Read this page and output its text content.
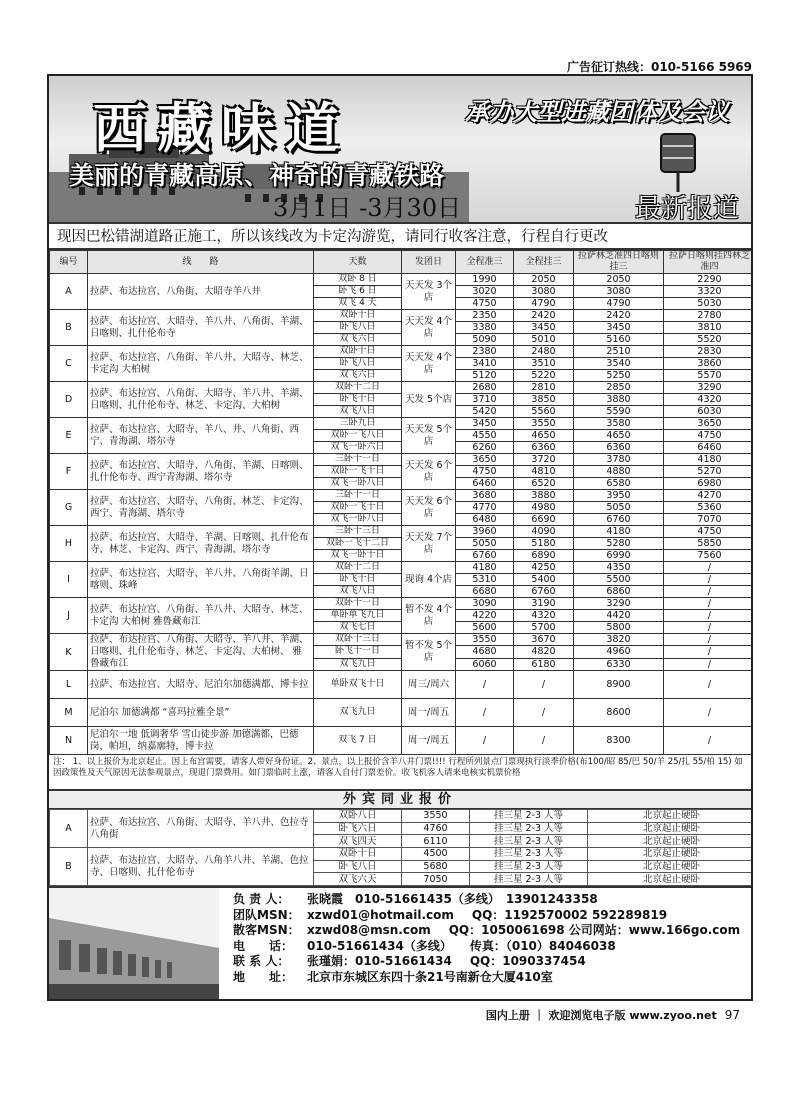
广告征订热线：010-5166 5969
西藏味道	承办大型进藏团体及会议
美丽的青藏高原、神奇的青藏铁路
3月1日 -3月30日	最新报道
现因巴松错湖道路正施工，所以该线改为卡定沟游览，请同行收客注意，行程自行更改
编号	线　　路	天数	发团日	全程准三	全程挂三	拉萨林芝准四日喀则挂三	拉萨日喀则挂四林芝准四
A	拉萨、布达拉宫、八角街、大昭寺羊八井	双卧 8 日	天天发 3个店	1990	2050	2050	2290
		卧飞 6 日		3020	3080	3080	3320
		双飞 4 天		4750	4790	4790	5030
B	拉萨、布达拉宫、大昭寺、羊八井、八角街、羊湖、日喀则、扎什伦布寺	双卧十日	天天发 4个店	2350	2420	2420	2780
		卧飞八日		3380	3450	3450	3810
		双飞六日		5090	5010	5160	5520
C	拉萨、布达拉宫、八角街、羊八井、大昭寺、林芝、卡定沟 大柏树	双卧十日	天天发 4个店	2380	2480	2510	2830
		卧飞八日		3410	3510	3540	3860
		双飞六日		5120	5220	5250	5570
D	拉萨、布达拉宫、八角街、大昭寺、羊八井、羊湖、日喀则、扎什伦布寺、林芝、卡定沟、大柏树	双卧十二日	天发 5个店	2680	2810	2850	3290
		卧飞十日		3710	3850	3880	4320
		双飞八日		5420	5560	5590	6030
E	拉萨、布达拉宫、大昭寺、羊八、井、八角街、西宁、青海湖、塔尔寺	三卧九日	天天发 5个店	3450	3550	3580	3650
		双卧一飞八日		4550	4650	4650	4750
		双飞一卧六日		6260	6360	6360	6460
F	拉萨、布达拉宫、大昭寺、八角街、羊湖、日喀则、扎什伦布寺、西宁青海湖、塔尔寺	三卧十一日	天天发 6个店	3650	3720	3780	4180
		双卧一飞十日		4750	4810	4880	5270
		双飞一卧八日		6460	6520	6580	6980
G	拉萨、布达拉宫、大昭寺、八角街、林芝、卡定沟、西宁、青海湖、塔尔寺	三卧十一日	天天发 6个店	3680	3880	3950	4270
		双卧一飞十日		4770	4980	5050	5360
		双飞一卧八日		6480	6690	6760	7070
H	拉萨、布达拉宫、大昭寺、羊湖、日喀则、扎什伦布寺、林芝、卡定沟、西宁、青海湖、塔尔寺	三卧十三日	天天发 7个店	3960	4090	4180	4750
		双卧一飞十二日		5050	5180	5280	5850
		双飞一卧十日		6760	6890	6990	7560
I	拉萨、布达拉宫、大昭寺、羊八井、八角街羊湖、日喀则、珠峰	双卧十二日	现询 4个店	4180	4250	4350	/
		卧飞十日		5310	5400	5500	/
		双飞八日		6680	6760	6860	/
J	拉萨、布达拉宫、八角街、羊八井、大昭寺、林芝、卡定沟 大柏树 雅鲁藏布江	双卧十一日	暂不发 4个店	3090	3190	3290	/
		单卧单飞九日		4220	4320	4420	/
		双飞七日		5600	5700	5800	/
K	拉萨、布达拉宫、八角街、大昭寺、羊八井、羊湖、日喀则、扎什伦布寺、林芝、卡定沟、大柏树、 雅鲁藏布江	双卧十三日	暂不发 5个店	3550	3670	3820	/
		卧飞十一日		4680	4820	4960	/
		双飞九日		6060	6180	6330	/
L	拉萨、布达拉宫、大昭寺、尼泊尔加德满都、博卡拉	单卧双飞十日	周三/周六	/	/	8900	/
M	尼泊尔 加德满都 “喜玛拉雅全景”	双飞九日	周一/周五	/	/	8600	/
N	尼泊尔一地 低调奢华 雪山徒步游 加德满都，巴德岗，帕坦，纳嘉廓特，博卡拉	双飞 7 日	周一/周五	/	/	8300	/
注： 1、以上报价为北京起止。因上布宫需要，请客人带好身份证。2、景点，以上报价含羊八井门票!!!! 行程所列景点门票现执行淡季价格(布100/昭 85/巴 50/羊 25/扎 55/柏 15) 如因政策性及天气原因无法参观景点，现退门票费用。如门票临时上涨，请客人自付门票差价。收飞机客人请来电核实机票价格
外宾同业报价
A	拉萨、布达拉宫、八角街、大昭寺、羊八井、色拉寺 八角街	双卧八日	3550	挂三星 2-3 人等	北京起止硬卧
		卧飞六日	4760	挂三星 2-3 人等	北京起止硬卧
		双飞四天	6110	挂三星 2-3 人等	北京起止硬卧
B	拉萨、布达拉宫、大昭寺、八角羊八井、羊湖、色拉寺、日喀则、扎什伦布寺	双卧十日	4500	挂三星 2-3 人等	北京起止硬卧
		卧飞八日	5680	挂三星 2-3 人等	北京起止硬卧
		双飞六天	7050	挂三星 2-3 人等	北京起止硬卧
负 责 人： 张晓霞　010-51661435（多线）　13901243358
团队MSN： xzwd01@hotmail.com QQ：1192570002 592289819
散客MSN： xzwd08@msn.com QQ：1050061698 公司网站：www.166go.com
电　　话： 010-51661434（多线） 传真：（010）84046038
联 系 人： 张瑾娟：010-51661434 QQ：1090337454
地　　址： 北京市东城区东四十条21号南新仓大厦410室
国内上册 ｜ 欢迎浏览电子版 www.zyoo.net 97
